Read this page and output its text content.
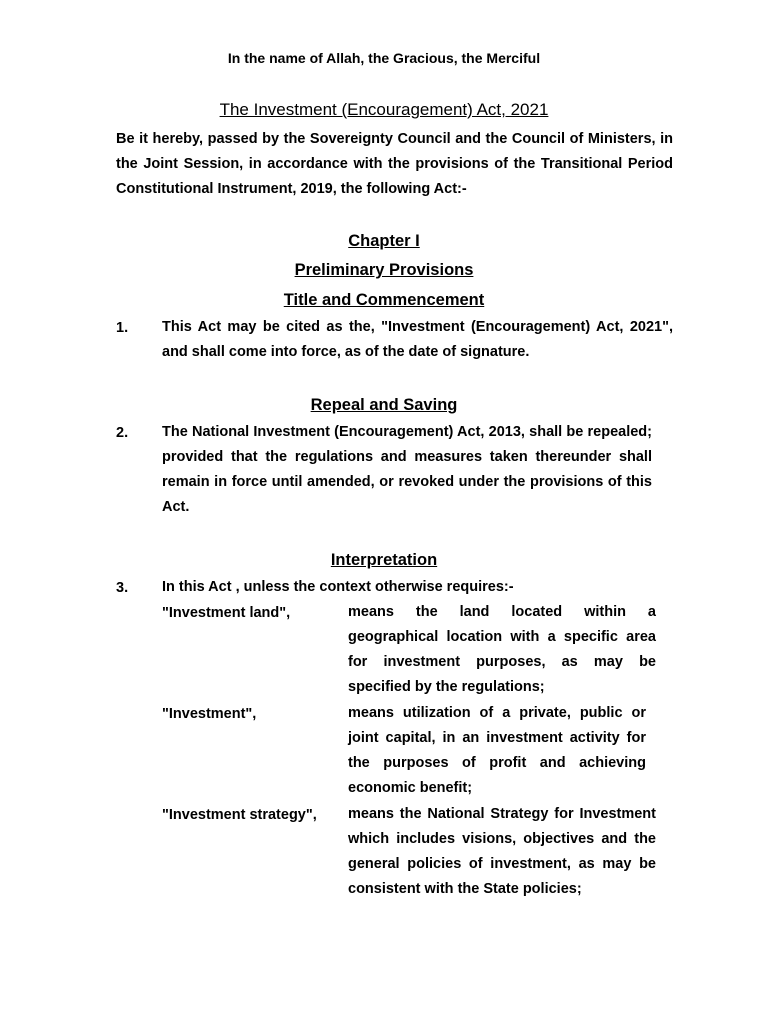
In the name of Allah, the Gracious, the Merciful
The Investment (Encouragement) Act, 2021
Be it hereby, passed by the Sovereignty Council and the Council of Ministers, in the Joint Session, in accordance with the provisions of the Transitional Period Constitutional Instrument, 2019, the following Act:-
Chapter I
Preliminary Provisions
Title and Commencement
1. This Act may be cited as the, "Investment (Encouragement) Act, 2021", and shall come into force, as of the date of signature.
Repeal and Saving
2. The National Investment (Encouragement) Act, 2013, shall be repealed; provided that the regulations and measures taken thereunder shall remain in force until amended, or revoked under the provisions of this Act.
Interpretation
3. In this Act , unless the context otherwise requires:-
"Investment land",	means the land located within a geographical location with a specific area for investment purposes, as may be specified by the regulations;
"Investment",	means utilization of a private, public or joint capital, in an investment activity for the purposes of profit and achieving economic benefit;
"Investment strategy", means the National Strategy for Investment which includes visions, objectives and the general policies of investment, as may be consistent with the State policies;
